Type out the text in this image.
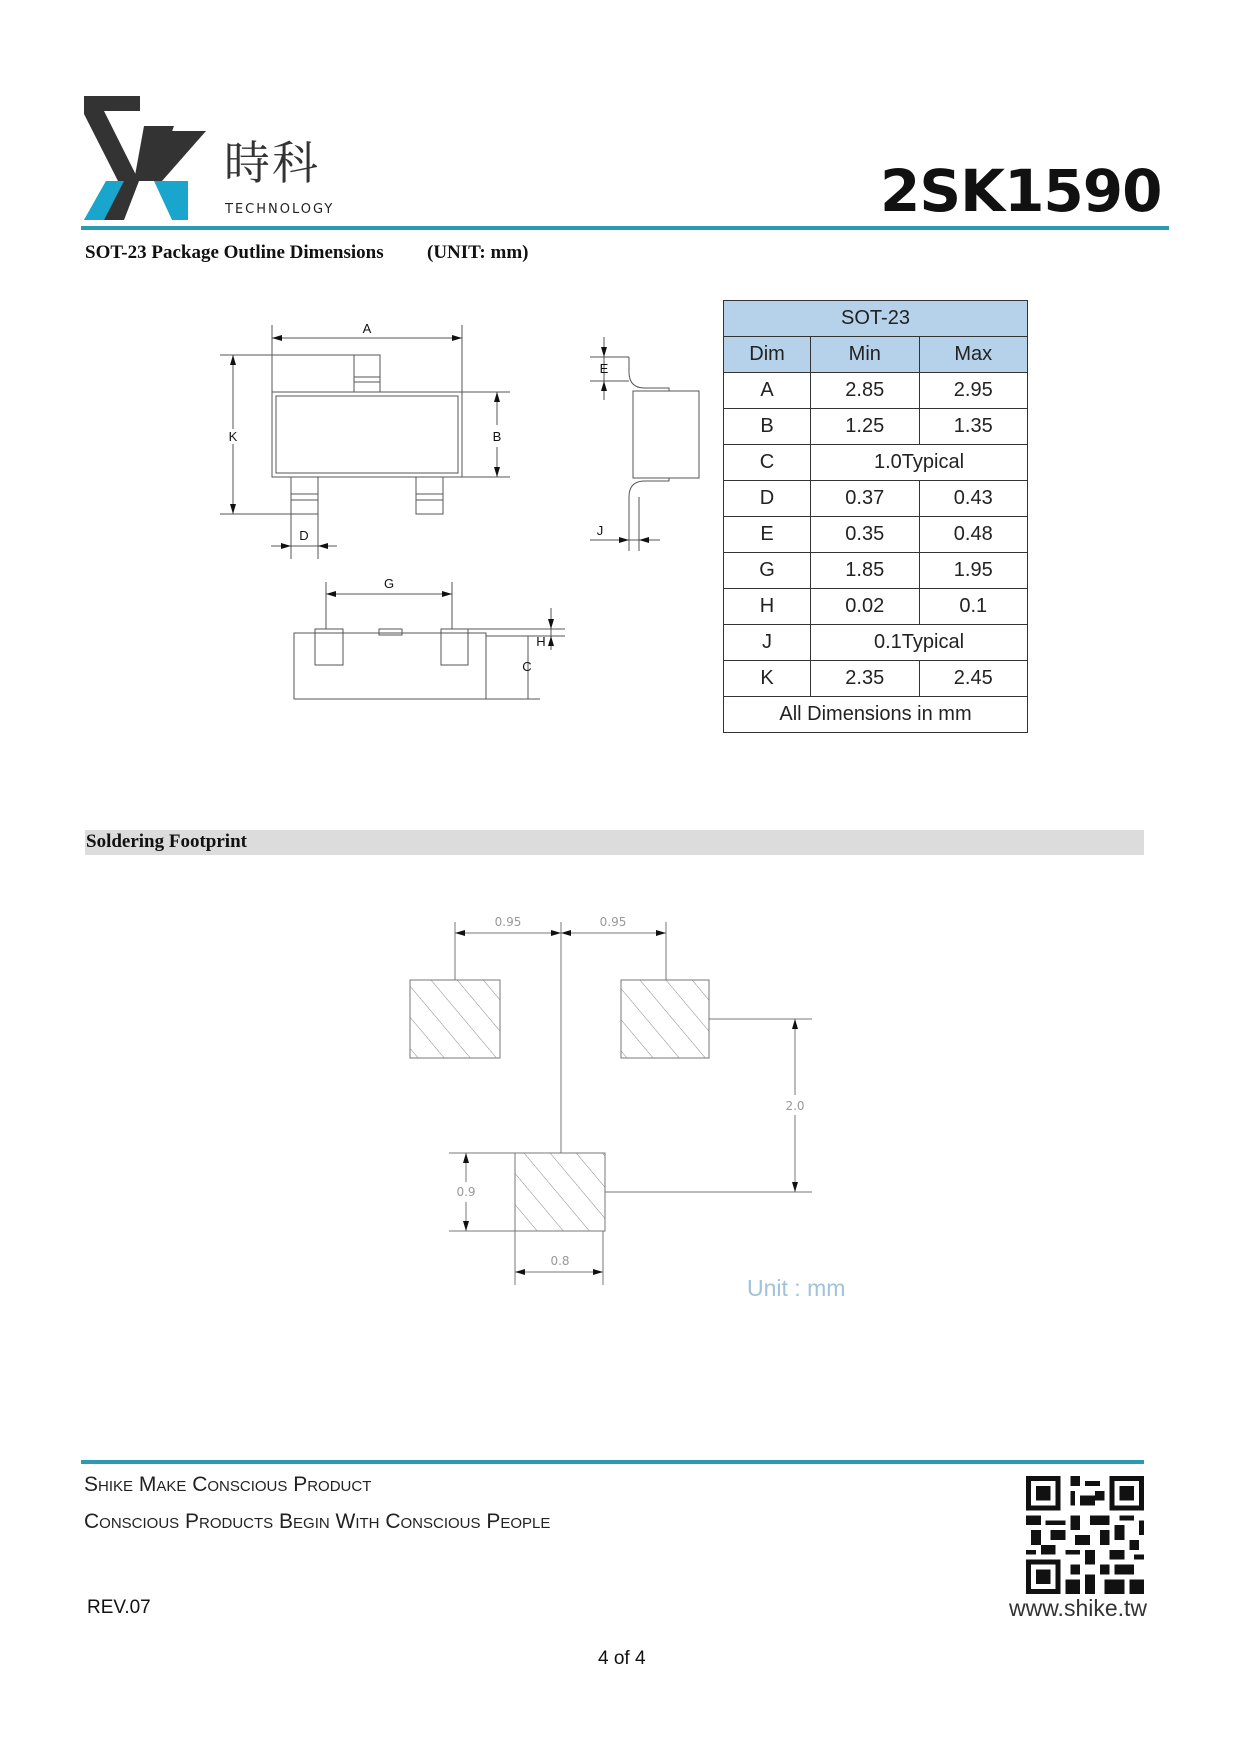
時科
TECHNOLOGY	2SK1590
SOT-23 Package Outline Dimensions (UNIT: mm)
A
B
K
D
E
J
G
H
C
SOT-23		
Dim	Min	Max
A	2.85	2.95
B	1.25	1.35
C	1.0Typical	
D	0.37	0.43
E	0.35	0.48
G	1.85	1.95
H	0.02	0.1
J	0.1Typical	
K	2.35	2.45
All Dimensions in mm		
Soldering Footprint
0.95	0.95
2.0
0.9
0.8
Unit : mm
Shike Make Conscious Product
Conscious Products Begin With Conscious People
REV.07	www.shike.tw
4 of 4
